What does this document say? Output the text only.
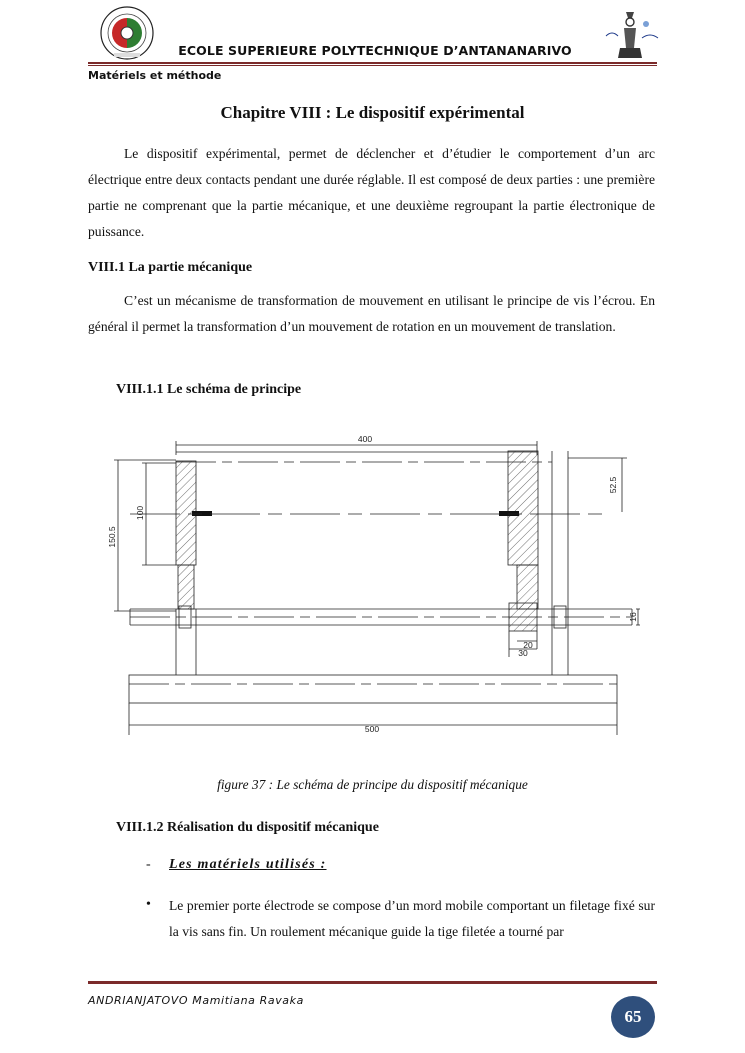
ECOLE SUPERIEURE POLYTECHNIQUE D’ANTANANARIVO
Matériels et méthode
Chapitre VIII : Le dispositif expérimental
Le dispositif expérimental, permet de déclencher et d’étudier le comportement d’un arc électrique entre deux contacts pendant une durée réglable. Il est composé de deux parties : une première partie ne comprenant que la partie mécanique, et une deuxième regroupant la partie électronique de puissance.
VIII.1 La partie mécanique
C’est un mécanisme de transformation de mouvement en utilisant le principe de vis l’écrou. En général il permet la transformation d’un mouvement de rotation en un mouvement de translation.
VIII.1.1 Le schéma de principe
400
150.5
100
52.5
16
20
30
500
figure 37 : Le schéma de principe du dispositif mécanique
VIII.1.2 Réalisation du dispositif mécanique
- Les matériels utilisés :
• Le premier porte électrode se compose d’un mord mobile comportant un filetage fixé sur la vis sans fin. Un roulement mécanique guide la tige filetée a tourné par
ANDRIANJATOVO Mamitiana Ravaka
65
